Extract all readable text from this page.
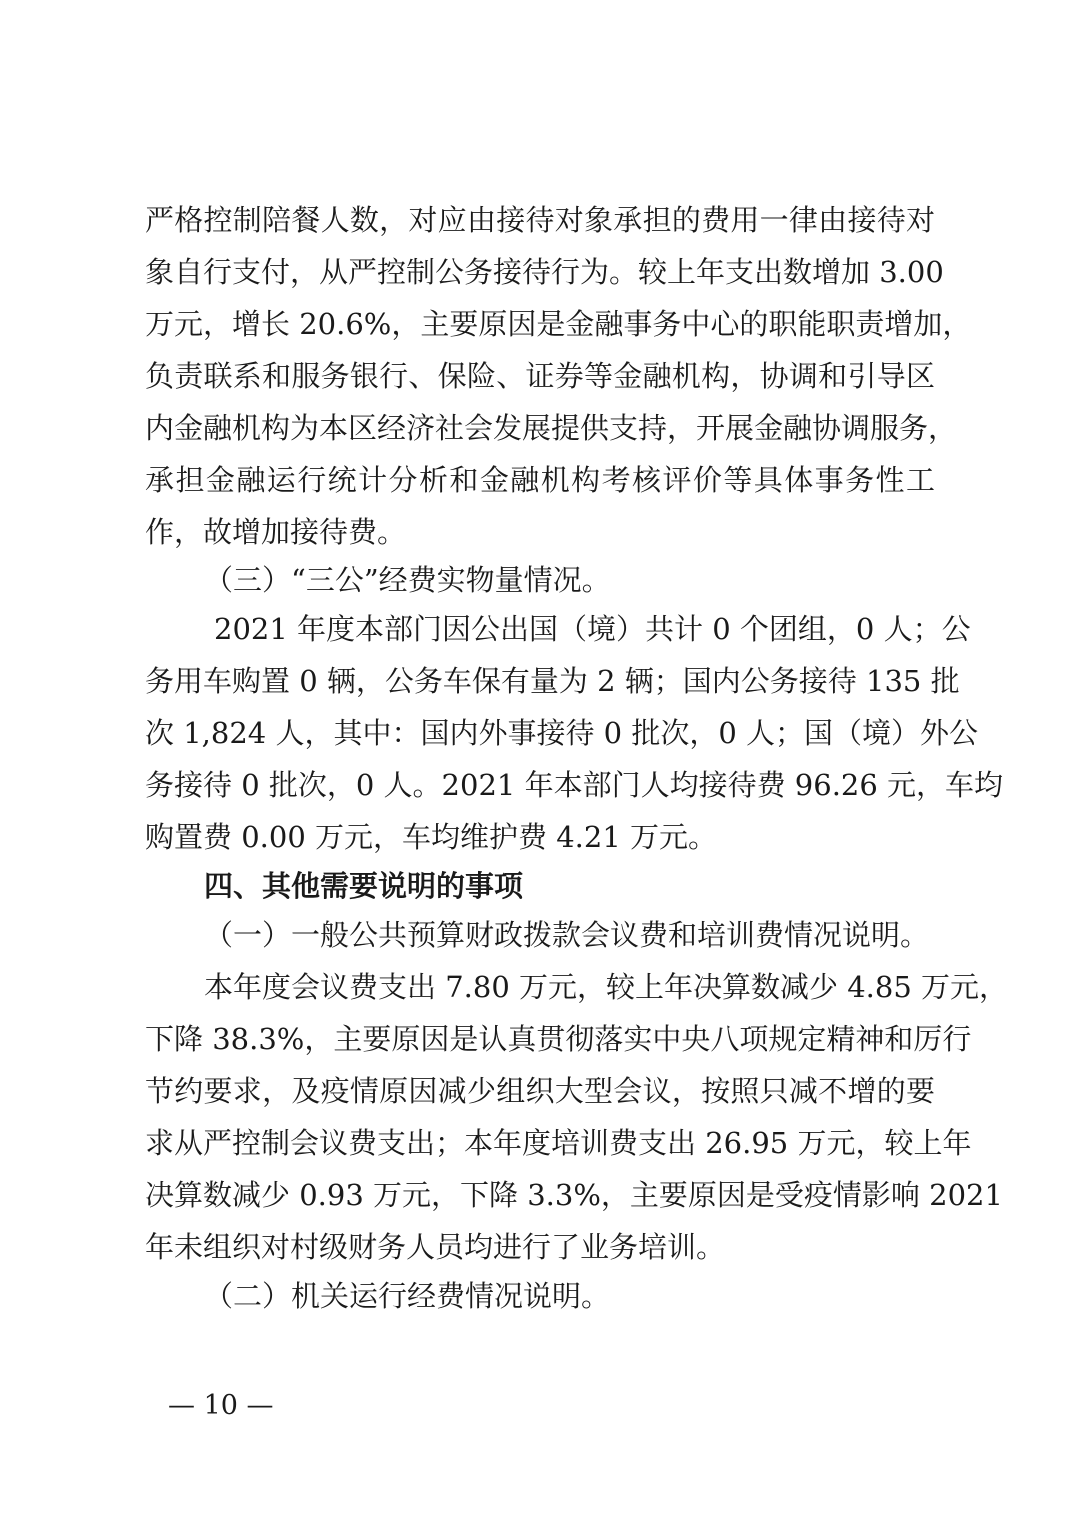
严格控制陪餐人数，对应由接待对象承担的费用一律由接待对
象自行支付，从严控制公务接待行为。较上年支出数增加 3.00
万元，增长 20.6%，主要原因是金融事务中心的职能职责增加，
负责联系和服务银行、保险、证券等金融机构，协调和引导区
内金融机构为本区经济社会发展提供支持，开展金融协调服务，
承担金融运行统计分析和金融机构考核评价等具体事务性工
作，故增加接待费。
（三）“三公”经费实物量情况。
2021 年度本部门因公出国（境）共计 0 个团组，0 人；公
务用车购置 0 辆，公务车保有量为 2 辆；国内公务接待 135 批
次 1,824 人，其中：国内外事接待 0 批次，0 人；国（境）外公
务接待 0 批次，0 人。2021 年本部门人均接待费 96.26 元，车均
购置费 0.00 万元，车均维护费 4.21 万元。
四、其他需要说明的事项
（一）一般公共预算财政拨款会议费和培训费情况说明。
本年度会议费支出 7.80 万元，较上年决算数减少 4.85 万元，
下降 38.3%，主要原因是认真贯彻落实中央八项规定精神和厉行
节约要求，及疫情原因减少组织大型会议，按照只减不增的要
求从严控制会议费支出；本年度培训费支出 26.95 万元，较上年
决算数减少 0.93 万元，下降 3.3%，主要原因是受疫情影响 2021
年未组织对村级财务人员均进行了业务培训。
（二）机关运行经费情况说明。
— 10 —
